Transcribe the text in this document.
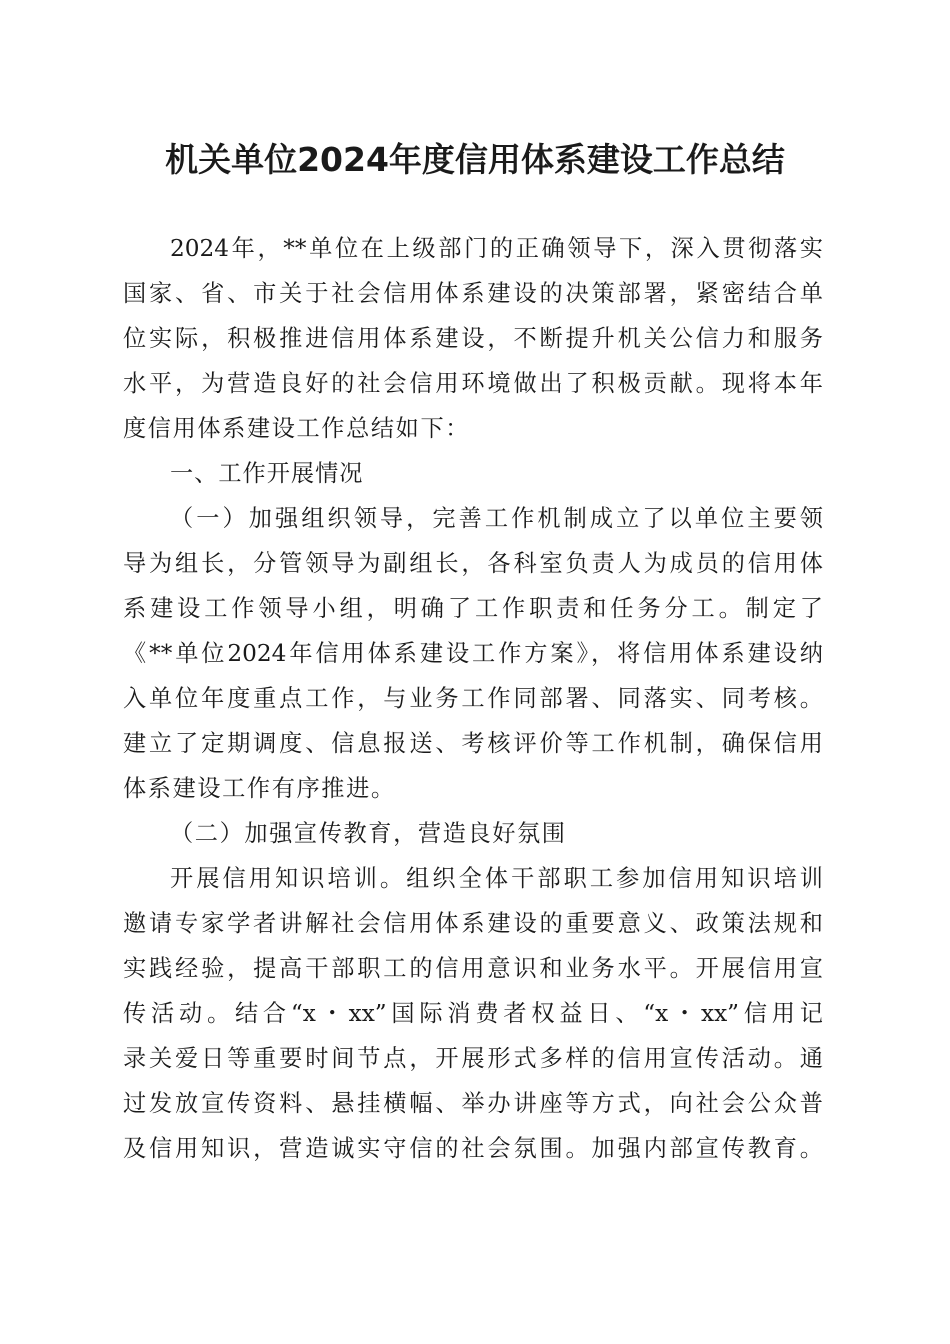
机关单位2024年度信用体系建设工作总结
2024年，**单位在上级部门的正确领导下，深入贯彻落实
国家、省、市关于社会信用体系建设的决策部署，紧密结合单
位实际，积极推进信用体系建设，不断提升机关公信力和服务
水平，为营造良好的社会信用环境做出了积极贡献。现将本年
度信用体系建设工作总结如下：
一、工作开展情况
（一）加强组织领导，完善工作机制成立了以单位主要领
导为组长，分管领导为副组长，各科室负责人为成员的信用体
系建设工作领导小组，明确了工作职责和任务分工。制定了
《**单位2024年信用体系建设工作方案》，将信用体系建设纳
入单位年度重点工作，与业务工作同部署、同落实、同考核。
建立了定期调度、信息报送、考核评价等工作机制，确保信用
体系建设工作有序推进。
（二）加强宣传教育，营造良好氛围
开展信用知识培训。组织全体干部职工参加信用知识培训
邀请专家学者讲解社会信用体系建设的重要意义、政策法规和
实践经验，提高干部职工的信用意识和业务水平。开展信用宣
传活动。结合“x・xx”国际消费者权益日、“x・xx”信用记
录关爱日等重要时间节点，开展形式多样的信用宣传活动。通
过发放宣传资料、悬挂横幅、举办讲座等方式，向社会公众普
及信用知识，营造诚实守信的社会氛围。加强内部宣传教育。
